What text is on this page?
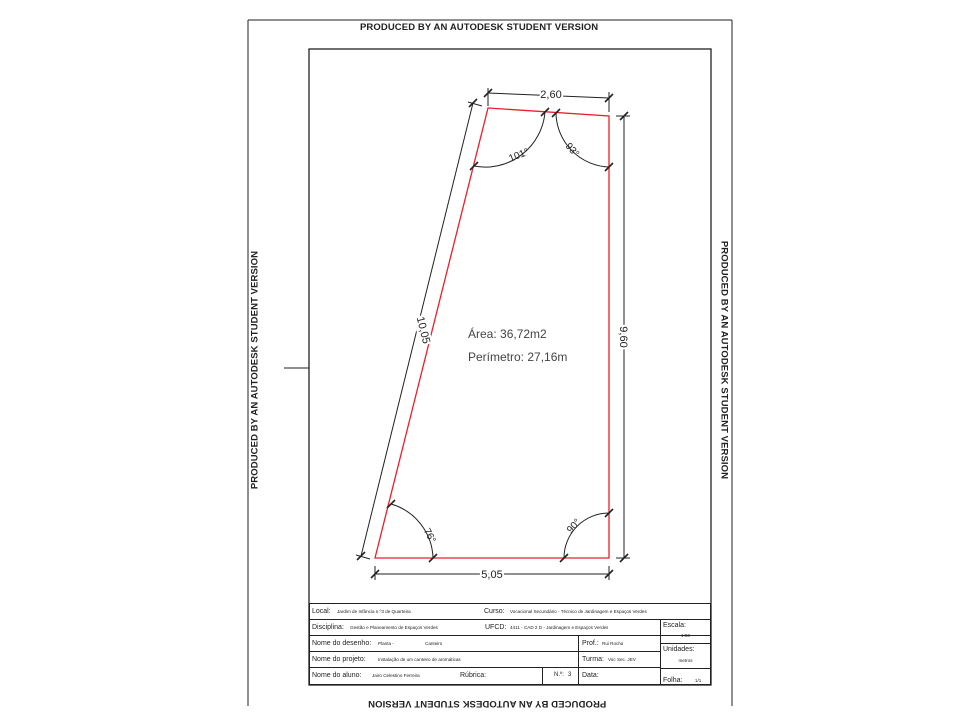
2,60
5,05
9,60
10,05
101°	93°
76°
90°
Área: 36,72m2
Perímetro: 27,16m
PRODUCED BY AN AUTODESK STUDENT VERSION
PRODUCED BY AN AUTODESK STUDENT VERSION
PRODUCED BY AN AUTODESK STUDENT VERSION	PRODUCED BY AN AUTODESK STUDENT VERSION
Local: Jardim de Infância n.º3 de Quarteira	Curso: Vocacional Secundário - Técnico de Jardinagem e Espaços Verdes
Disciplina: Gestão e Planeamento de Espaços Verdes	UFCD: 4411 - CAD 2 D - Jardinagem e Espaços Verdes
Nome do desenho: Planta -	Canteiro	Prof.: Rui Rocha
Nome do projeto:	Instalação de um canteiro de aromáticas	Turma: Voc Sec. JEV
Nome do aluno: Jairo Celestino Ferreira	Rúbrica:	N.º: 3 Data:
Escala:
1:50
Unidades:
metros
Folha:	1/1
